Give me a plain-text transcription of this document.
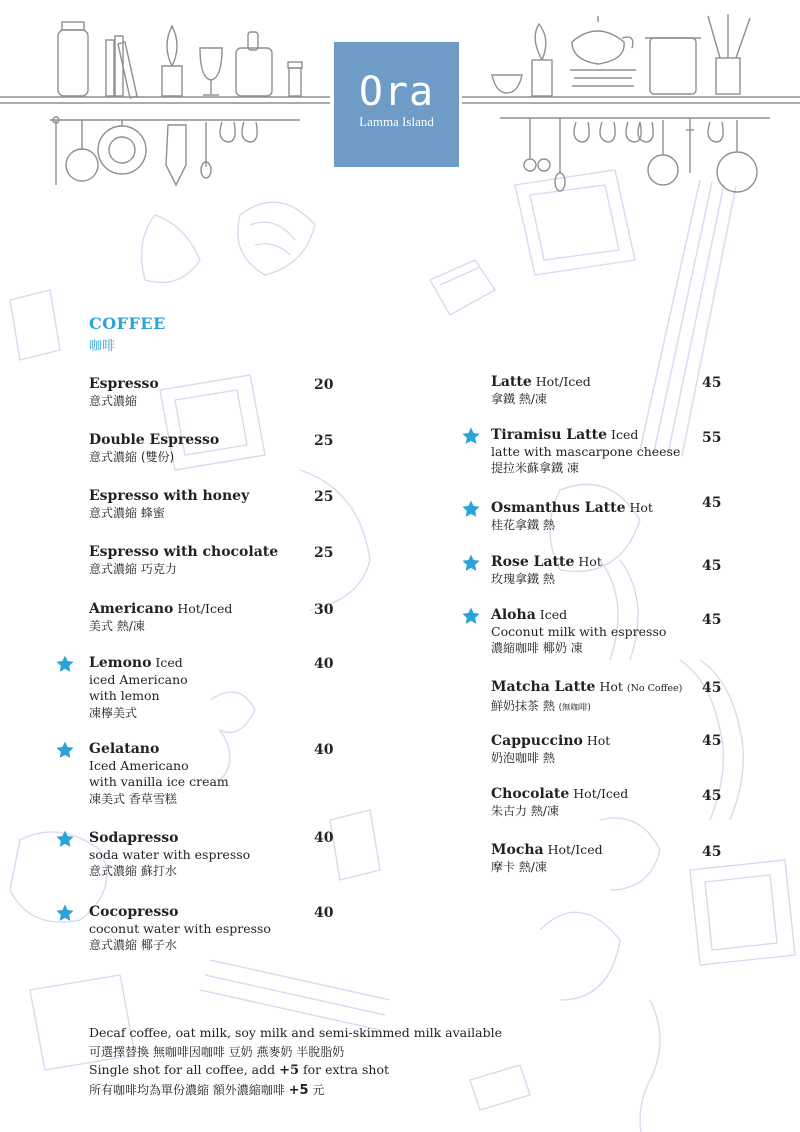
Ora
Lamma Island
COFFEE
咖啡
Espresso
意式濃縮
20
Double Espresso
意式濃縮 (雙份)
25
Espresso with honey
意式濃縮 蜂蜜
25
Espresso with chocolate
意式濃縮 巧克力
25
Americano Hot/Iced
美式 熱/凍
30
Lemono Iced
iced Americano
with lemon
凍檸美式
40
Gelatano
Iced Americano
with vanilla ice cream
凍美式 香草雪糕
40
Sodapresso
soda water with espresso
意式濃縮 蘇打水
40
Cocopresso
coconut water with espresso
意式濃縮 椰子水
40
Latte Hot/Iced
拿鐵 熱/凍
45
Tiramisu Latte Iced
latte with mascarpone cheese
提拉米蘇拿鐵 凍
55
Osmanthus Latte Hot
桂花拿鐵 熱
45
Rose Latte Hot
玫瑰拿鐵 熱
45
Aloha Iced
Coconut milk with espresso
濃縮咖啡 椰奶 凍
45
Matcha Latte Hot (No Coffee)
鮮奶抹茶 熱 (無咖啡)
45
Cappuccino Hot
奶泡咖啡 熱
45
Chocolate Hot/Iced
朱古力 熱/凍
45
Mocha Hot/Iced
摩卡 熱/凍
45
Decaf coffee, oat milk, soy milk and semi-skimmed milk available
可選擇替換 無咖啡因咖啡 豆奶 燕麥奶 半脫脂奶
Single shot for all coffee, add +5 for extra shot
所有咖啡均為單份濃縮 額外濃縮咖啡 +5 元
